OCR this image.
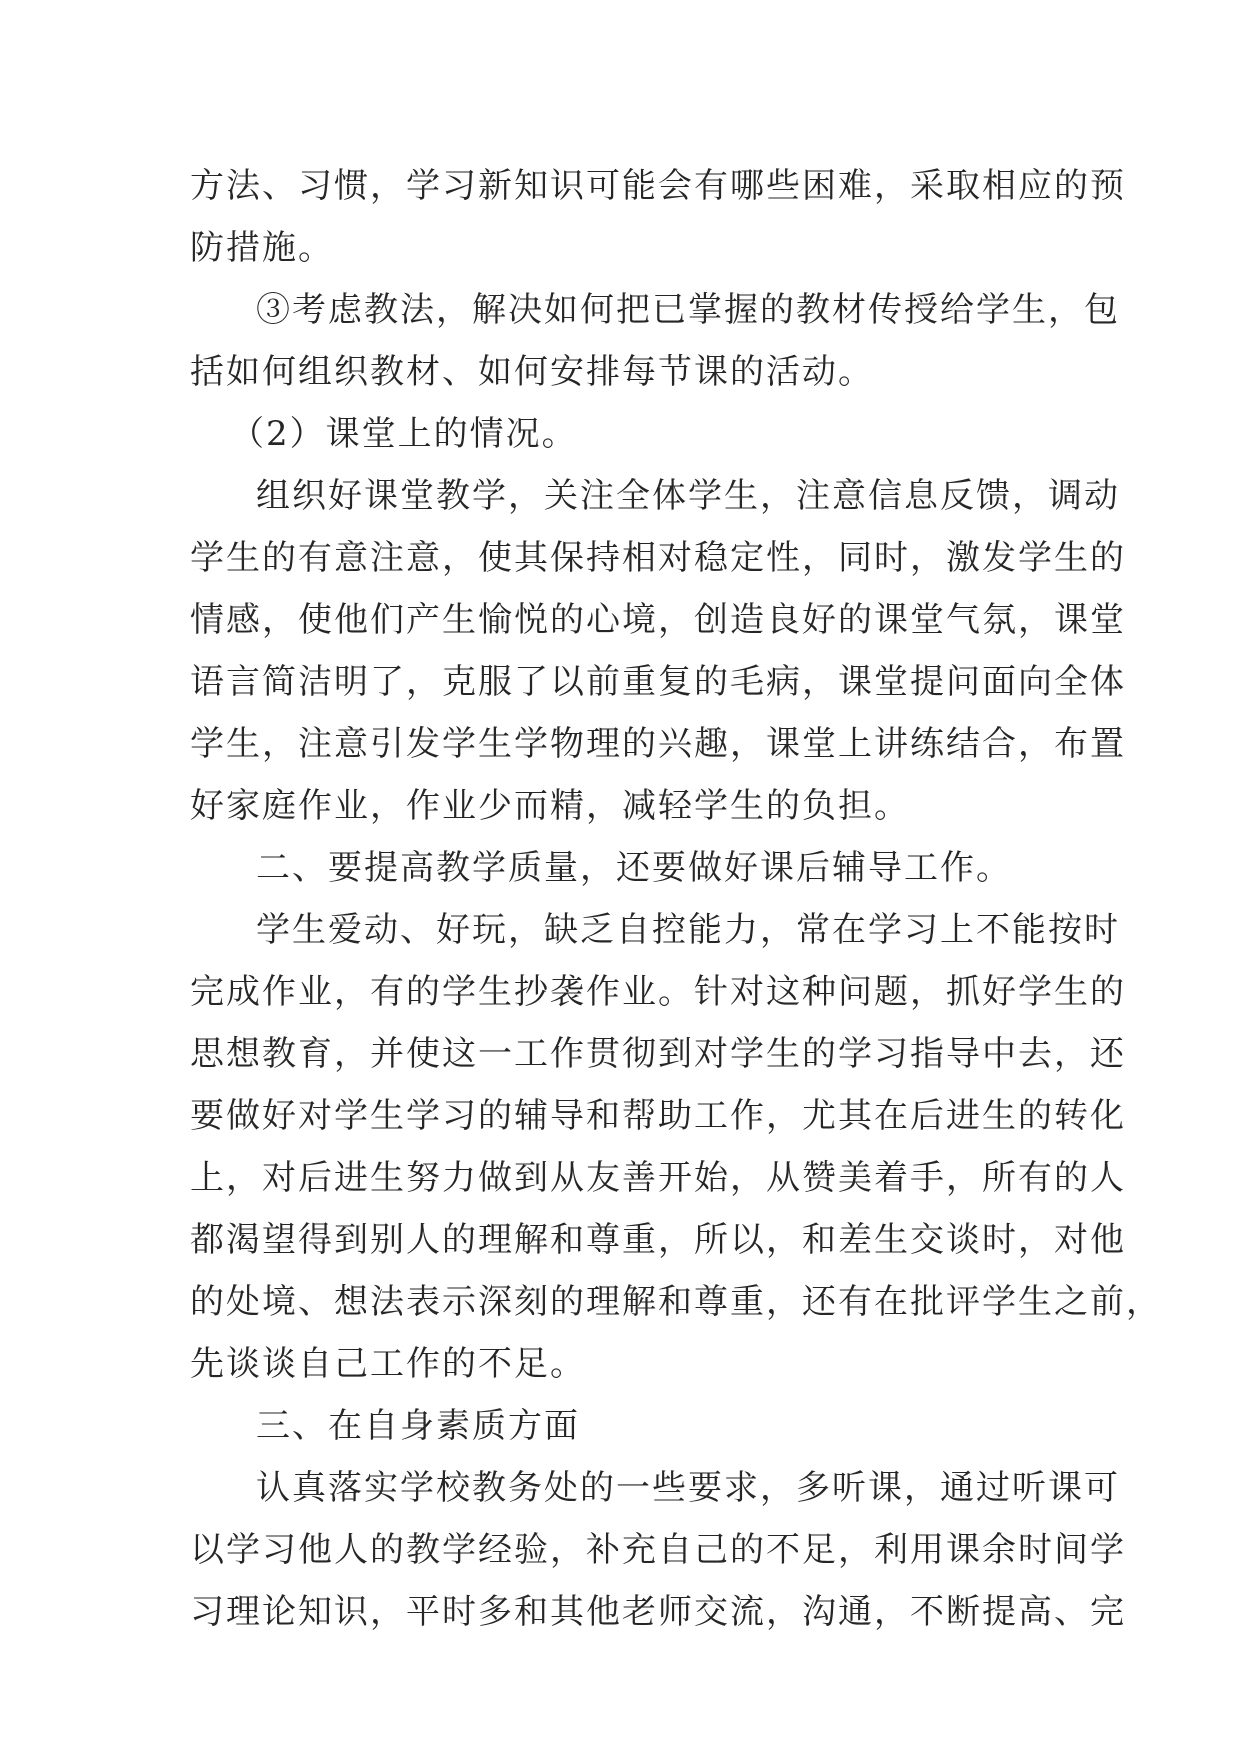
方法、习惯，学习新知识可能会有哪些困难，采取相应的预
防措施。
③考虑教法，解决如何把已掌握的教材传授给学生，包
括如何组织教材、如何安排每节课的活动。
（2）课堂上的情况。
组织好课堂教学，关注全体学生，注意信息反馈，调动
学生的有意注意，使其保持相对稳定性，同时，激发学生的
情感，使他们产生愉悦的心境，创造良好的课堂气氛，课堂
语言简洁明了，克服了以前重复的毛病，课堂提问面向全体
学生，注意引发学生学物理的兴趣，课堂上讲练结合，布置
好家庭作业，作业少而精，减轻学生的负担。
二、要提高教学质量，还要做好课后辅导工作。
学生爱动、好玩，缺乏自控能力，常在学习上不能按时
完成作业，有的学生抄袭作业。针对这种问题，抓好学生的
思想教育，并使这一工作贯彻到对学生的学习指导中去，还
要做好对学生学习的辅导和帮助工作，尤其在后进生的转化
上，对后进生努力做到从友善开始，从赞美着手，所有的人
都渴望得到别人的理解和尊重，所以，和差生交谈时，对他
的处境、想法表示深刻的理解和尊重，还有在批评学生之前，
先谈谈自己工作的不足。
三、在自身素质方面
认真落实学校教务处的一些要求，多听课，通过听课可
以学习他人的教学经验，补充自己的不足，利用课余时间学
习理论知识，平时多和其他老师交流，沟通，不断提高、完
